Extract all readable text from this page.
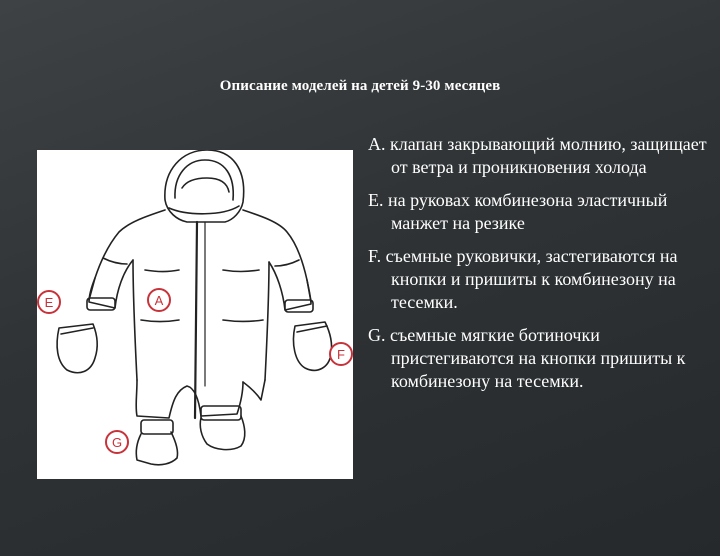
Описание моделей на детей 9-30 месяцев
E	A
F
G
A. клапан закрывающий молнию, защищает от ветра и проникновения холода
E. на руковах комбинезона эластичный манжет на резике
F. съемные руковички, застегиваются на кнопки и пришиты к комбинезону на тесемки.
G. съемные мягкие ботиночки пристегиваются на кнопки пришиты к комбинезону на тесемки.
